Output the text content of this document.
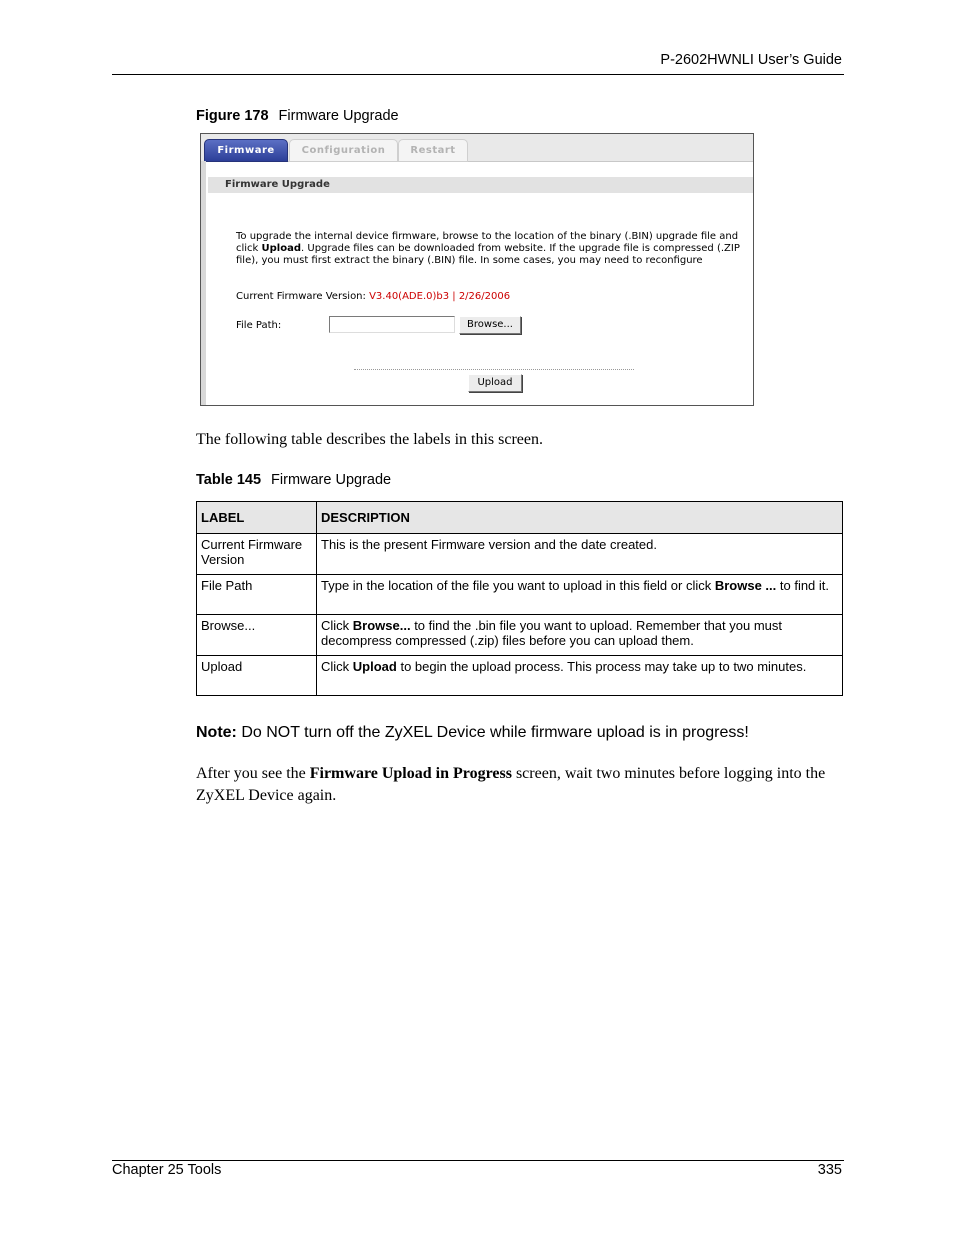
P-2602HWNLI User’s Guide
Figure 178 Firmware Upgrade
Firmware	Configuration	Restart
Firmware Upgrade
To upgrade the internal device firmware, browse to the location of the binary (.BIN) upgrade file and click Upload. Upgrade files can be downloaded from website. If the upgrade file is compressed (.ZIP file), you must first extract the binary (.BIN) file. In some cases, you may need to reconfigure
Current Firmware Version: V3.40(ADE.0)b3 | 2/26/2006
File Path:	Browse...
Upload
The following table describes the labels in this screen.
Table 145 Firmware Upgrade
LABEL	DESCRIPTION
Current Firmware Version	This is the present Firmware version and the date created.
File Path	Type in the location of the file you want to upload in this field or click Browse ... to find it.
Browse...	Click Browse... to find the .bin file you want to upload. Remember that you must decompress compressed (.zip) files before you can upload them.
Upload	Click Upload to begin the upload process. This process may take up to two minutes.
Note: Do NOT turn off the ZyXEL Device while firmware upload is in progress!
After you see the Firmware Upload in Progress screen, wait two minutes before logging into the ZyXEL Device again.
Chapter 25 Tools	335
